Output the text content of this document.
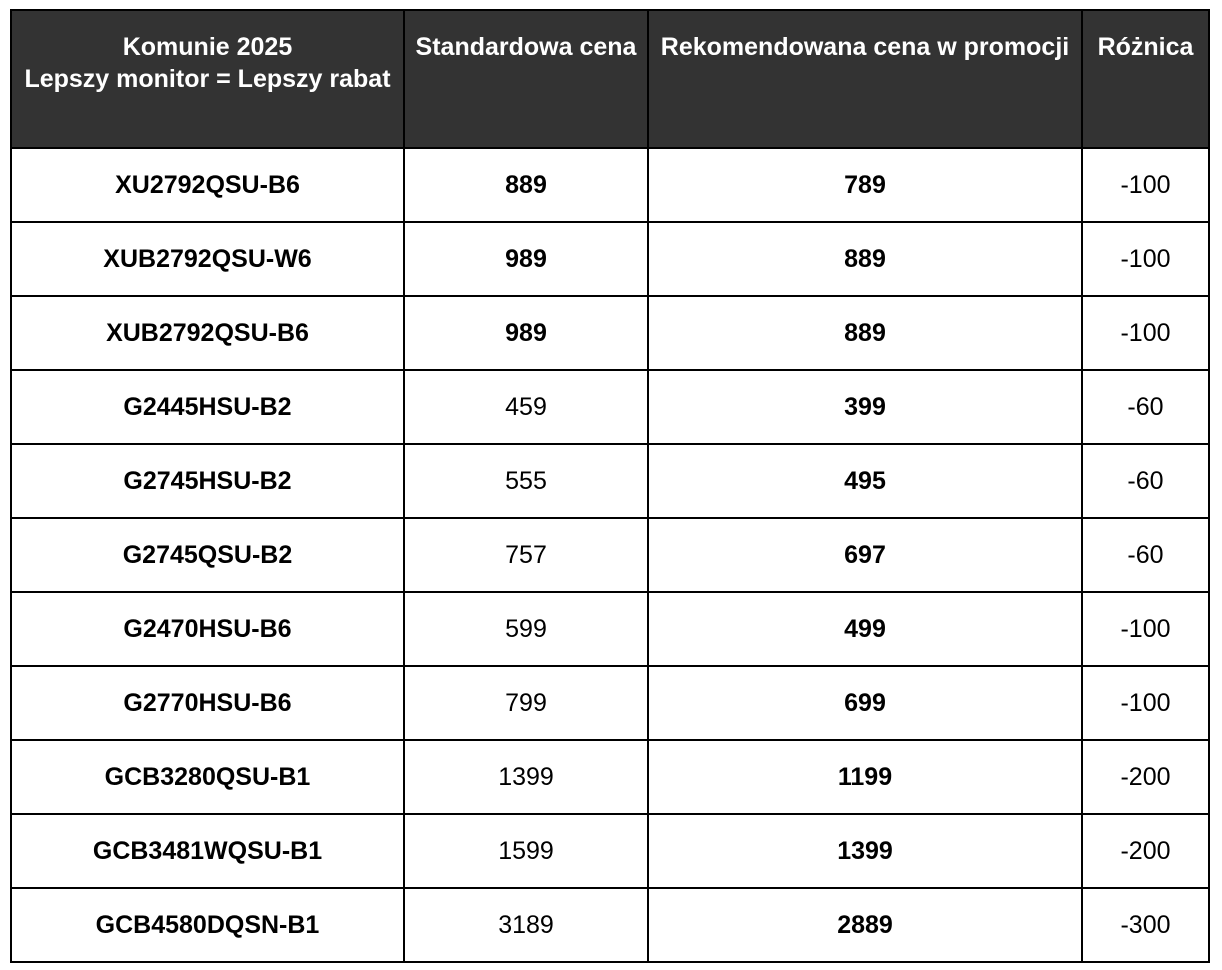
Komunie 2025
Lepszy monitor = Lepszy rabat	Standardowa cena	Rekomendowana cena w promocji	Różnica
XU2792QSU-B6	889	789	-100
XUB2792QSU-W6	989	889	-100
XUB2792QSU-B6	989	889	-100
G2445HSU-B2	459	399	-60
G2745HSU-B2	555	495	-60
G2745QSU-B2	757	697	-60
G2470HSU-B6	599	499	-100
G2770HSU-B6	799	699	-100
GCB3280QSU-B1	1399	1199	-200
GCB3481WQSU-B1	1599	1399	-200
GCB4580DQSN-B1	3189	2889	-300
